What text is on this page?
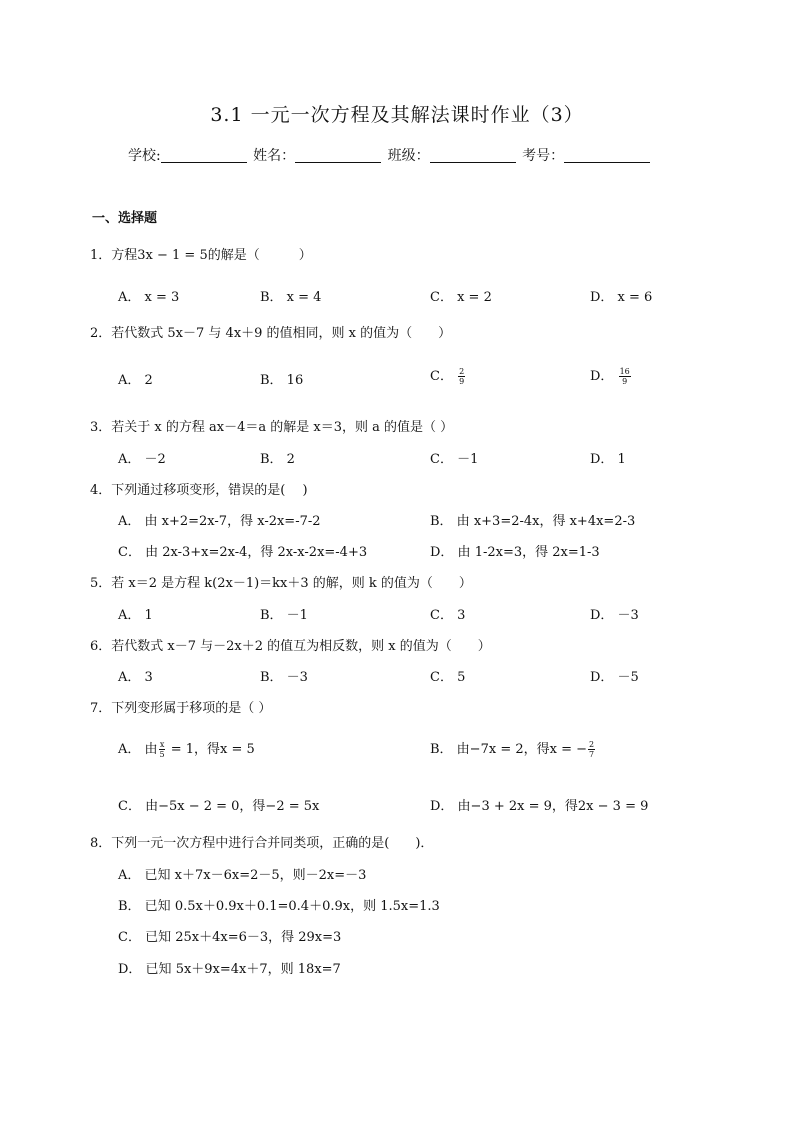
3.1 一元一次方程及其解法课时作业（3）
学校:	姓名：	班级：	考号：
一、选择题
1．方程3x − 1 = 5的解是（　　　）
A． x = 3	B． x = 4	C． x = 2	D． x = 6
2．若代数式 5x－7 与 4x＋9 的值相同，则 x 的值为（　　）
A． 2	B． 16	C． $\frac{2}{9}$	D． $\frac{16}{9}$
3．若关于 x 的方程 ax－4＝a 的解是 x＝3，则 a 的值是（ ）
A． －2	B． 2	C． －1	D． 1
4．下列通过移项变形，错误的是(　 )
A． 由 x+2=2x-7，得 x-2x=-7-2	B． 由 x+3=2-4x，得 x+4x=2-3
C． 由 2x-3+x=2x-4，得 2x-x-2x=-4+3	D． 由 1-2x=3，得 2x=1-3
5．若 x＝2 是方程 k(2x－1)＝kx＋3 的解，则 k 的值为（　　）
A． 1	B． －1	C． 3	D． －3
6．若代数式 x－7 与－2x＋2 的值互为相反数，则 x 的值为（　　）
A． 3	B． －3	C． 5	D． －5
7．下列变形属于移项的是（ ）
A． 由 $\frac{x}{5} = 1$，得x = 5	B． 由−7x = 2，得x = − $\frac{2}{7}$
C． 由−5x − 2 = 0，得−2 = 5x	D． 由−3 + 2x = 9，得2x − 3 = 9
8．下列一元一次方程中进行合并同类项，正确的是(　　)．
A． 已知 x＋7x－6x=2－5，则－2x=－3
B． 已知 0.5x＋0.9x＋0.1=0.4＋0.9x，则 1.5x=1.3
C． 已知 25x＋4x=6－3，得 29x=3
D． 已知 5x＋9x=4x＋7，则 18x=7
